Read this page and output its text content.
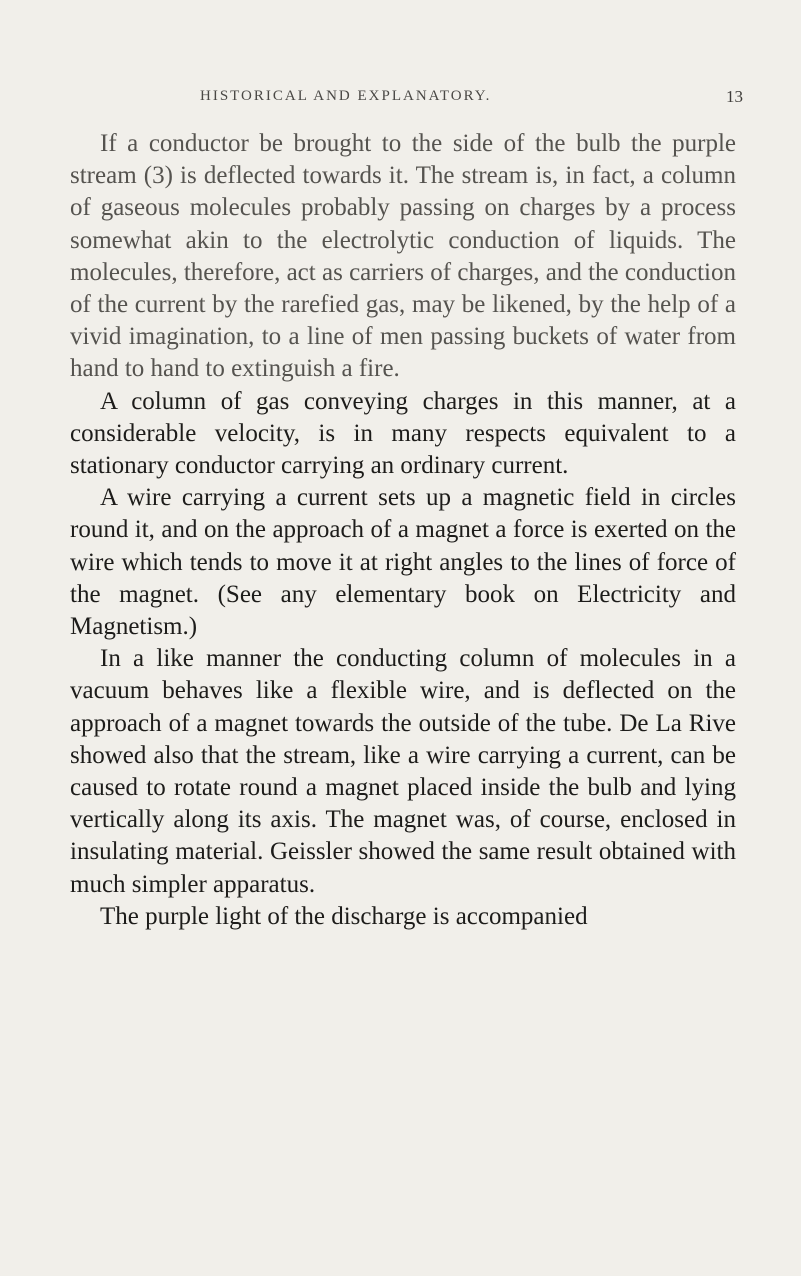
HISTORICAL AND EXPLANATORY.	13

If a conductor be brought to the side of the bulb the purple stream (3) is deflected towards it. The stream is, in fact, a column of gaseous molecules probably passing on charges by a process somewhat akin to the electrolytic conduction of liquids. The molecules, therefore, act as carriers of charges, and the conduction of the current by the rarefied gas, may be likened, by the help of a vivid imagination, to a line of men passing buckets of water from hand to hand to extinguish a fire.

A column of gas conveying charges in this manner, at a considerable velocity, is in many respects equivalent to a stationary conductor carrying an ordinary current.

A wire carrying a current sets up a magnetic field in circles round it, and on the approach of a magnet a force is exerted on the wire which tends to move it at right angles to the lines of force of the magnet. (See any elementary book on Electricity and Magnetism.)

In a like manner the conducting column of molecules in a vacuum behaves like a flexible wire, and is deflected on the approach of a magnet towards the outside of the tube. De La Rive showed also that the stream, like a wire carrying a current, can be caused to rotate round a magnet placed inside the bulb and lying vertically along its axis. The magnet was, of course, enclosed in insulating material. Geissler showed the same result obtained with much simpler apparatus.

The purple light of the discharge is accompanied
